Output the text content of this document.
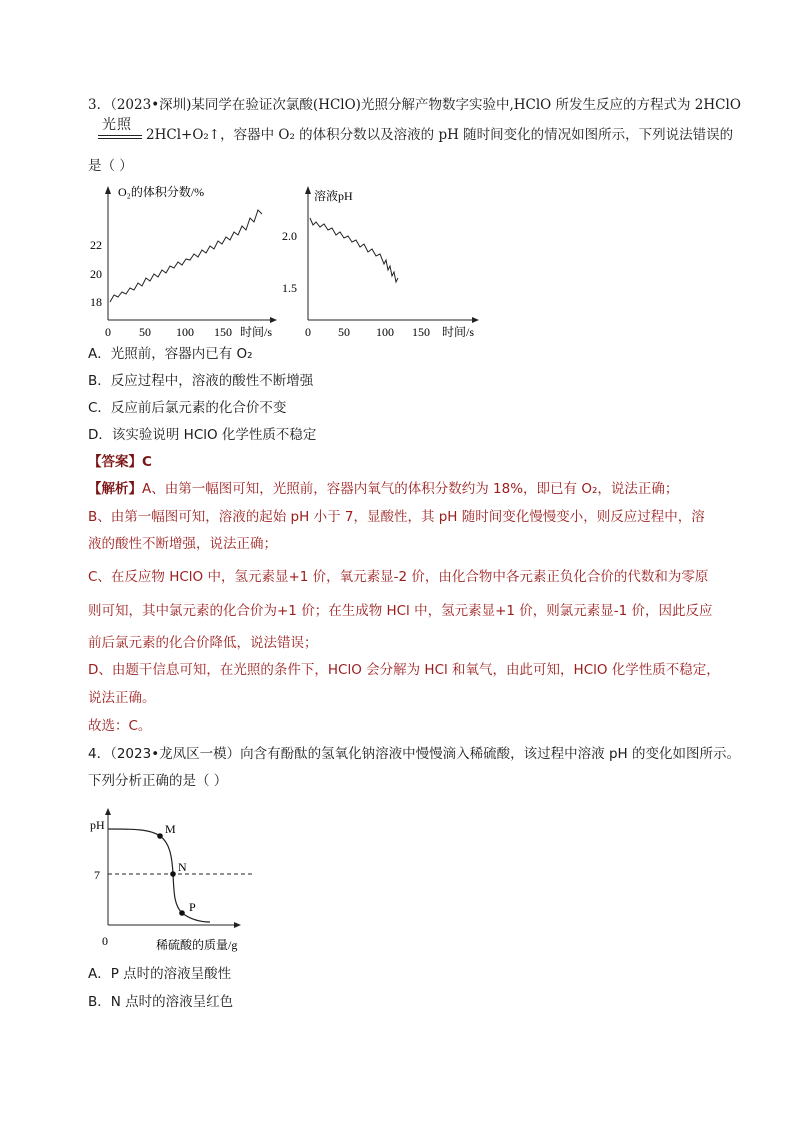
3．（2023•深圳)某同学在验证次氯酸(HClO)光照分解产物数字实验中,HClO 所发生反应的方程式为 2HClO
光照
2HCl+O₂↑，容器中 O₂ 的体积分数以及溶液的 pH 随时间变化的情况如图所示，下列说法错误的
是（ ）
O₂的体积分数/%
18
20
22
0 50 100 150 时间/s
溶液pH
2.0
1.5
0 50 100 150 时间/s
A．光照前，容器内已有 O₂
B．反应过程中，溶液的酸性不断增强
C．反应前后氯元素的化合价不变
D．该实验说明 HClO 化学性质不稳定
【答案】C
【解析】A、由第一幅图可知，光照前，容器内氧气的体积分数约为 18%，即已有 O₂，说法正确；
B、由第一幅图可知，溶液的起始 pH 小于 7，显酸性，其 pH 随时间变化慢慢变小，则反应过程中，溶
液的酸性不断增强，说法正确；
C、在反应物 HClO 中，氢元素显+1 价，氧元素显-2 价，由化合物中各元素正负化合价的代数和为零原
则可知，其中氯元素的化合价为+1 价；在生成物 HCl 中，氢元素显+1 价，则氯元素显-1 价，因此反应
前后氯元素的化合价降低，说法错误；
D、由题干信息可知，在光照的条件下，HClO 会分解为 HCl 和氧气，由此可知，HClO 化学性质不稳定，
说法正确。
故选：C。
4．（2023•龙凤区一模）向含有酚酞的氢氧化钠溶液中慢慢滴入稀硫酸，该过程中溶液 pH 的变化如图所示。
下列分析正确的是（ ）
pH
7
0	稀硫酸的质量/g
M
N
P
A．P 点时的溶液呈酸性
B．N 点时的溶液呈红色
